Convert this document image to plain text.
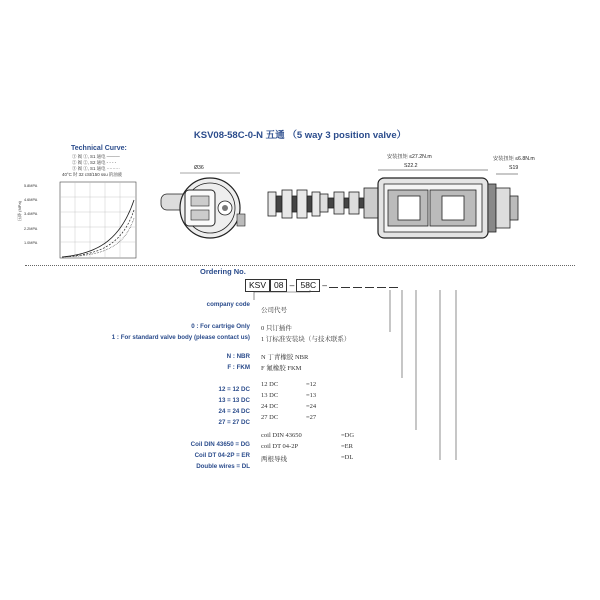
KSV08-58C-0-N 五通 （5 way 3 position valve）
Technical Curve:
① 阀 ①, S1 通电 ———
② 阀 ②, S2 通电 - - - -
③ 阀 ①, S1 通电 ·········
40°C 时 32 cSt/150 ssu 的油液
5.8MPA
4.6MPA
3.4MPA
2.2MPA
1.0MPA
压降 (MPa)
Ø36
安装扭矩 ≤27.2N.m
S22.2
安装扭矩 ≤6.8N.m
S19
Ordering No.
KSV 08 – 58C –
company code
公司代号
0 : For cartrige Only
1 : For standard valve body (please contact us)
0 只订插件
1 订标准安装块（与技术联系）
N : NBR
F : FKM
N 丁青橡胶 NBR
F 氟橡胶 FKM
12 = 12 DC
13 = 13 DC
24 = 24 DC
27 = 27 DC
12 DC	=12
13 DC	=13
24 DC	=24
27 DC	=27
Coil DIN 43650 = DG
Coil DT 04-2P = ER
Double wires = DL
coil DIN 43650	=DG
coil DT 04-2P	=ER
两根导线	=DL
